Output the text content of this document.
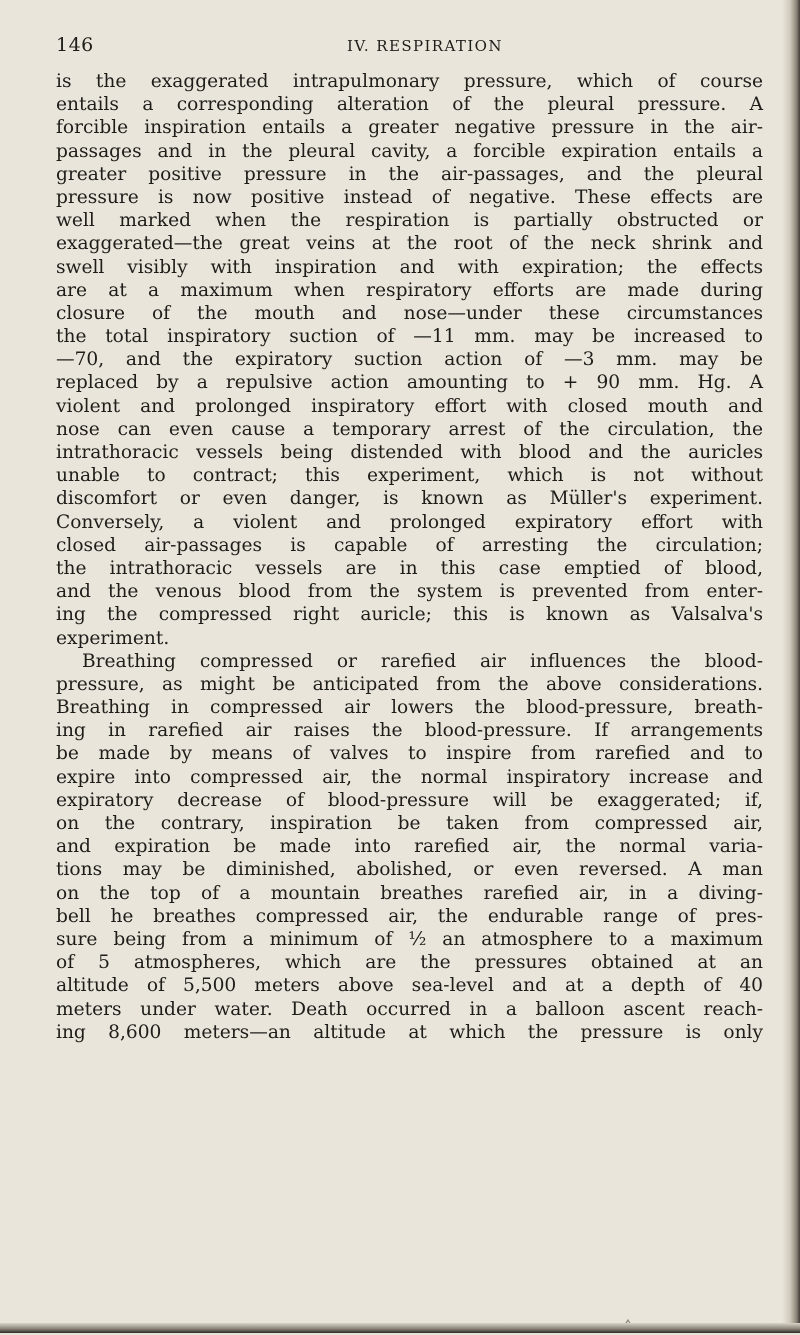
146	IV. RESPIRATION
is the exaggerated intrapulmonary pressure, which of course
entails a corresponding alteration of the pleural pressure. A
forcible inspiration entails a greater negative pressure in the air-
passages and in the pleural cavity, a forcible expiration entails a
greater positive pressure in the air-passages, and the pleural
pressure is now positive instead of negative. These effects are
well marked when the respiration is partially obstructed or
exaggerated—the great veins at the root of the neck shrink and
swell visibly with inspiration and with expiration; the effects
are at a maximum when respiratory efforts are made during
closure of the mouth and nose—under these circumstances
the total inspiratory suction of —11 mm. may be increased to
—70, and the expiratory suction action of —3 mm. may be
replaced by a repulsive action amounting to + 90 mm. Hg. A
violent and prolonged inspiratory effort with closed mouth and
nose can even cause a temporary arrest of the circulation, the
intrathoracic vessels being distended with blood and the auricles
unable to contract; this experiment, which is not without
discomfort or even danger, is known as Müller's experiment.
Conversely, a violent and prolonged expiratory effort with
closed air-passages is capable of arresting the circulation;
the intrathoracic vessels are in this case emptied of blood,
and the venous blood from the system is prevented from enter-
ing the compressed right auricle; this is known as Valsalva's
experiment.
Breathing compressed or rarefied air influences the blood-
pressure, as might be anticipated from the above considerations.
Breathing in compressed air lowers the blood-pressure, breath-
ing in rarefied air raises the blood-pressure. If arrangements
be made by means of valves to inspire from rarefied and to
expire into compressed air, the normal inspiratory increase and
expiratory decrease of blood-pressure will be exaggerated; if,
on the contrary, inspiration be taken from compressed air,
and expiration be made into rarefied air, the normal varia-
tions may be diminished, abolished, or even reversed. A man
on the top of a mountain breathes rarefied air, in a diving-
bell he breathes compressed air, the endurable range of pres-
sure being from a minimum of ½ an atmosphere to a maximum
of 5 atmospheres, which are the pressures obtained at an
altitude of 5,500 meters above sea-level and at a depth of 40
meters under water. Death occurred in a balloon ascent reach-
ing 8,600 meters—an altitude at which the pressure is only
